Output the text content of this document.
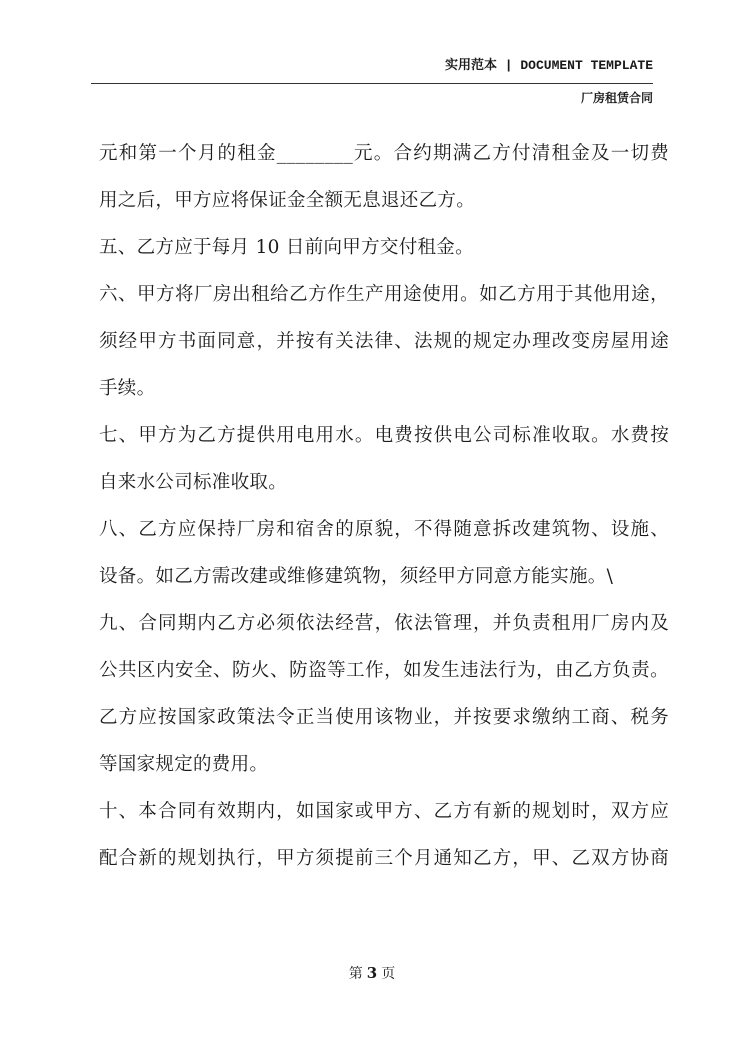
实用范本 | DOCUMENT TEMPLATE
厂房租赁合同
元和第一个月的租金________元。合约期满乙方付清租金及一切费
用之后，甲方应将保证金全额无息退还乙方。
五、乙方应于每月 10 日前向甲方交付租金。
六、甲方将厂房出租给乙方作生产用途使用。如乙方用于其他用途，
须经甲方书面同意，并按有关法律、法规的规定办理改变房屋用途
手续。
七、甲方为乙方提供用电用水。电费按供电公司标准收取。水费按
自来水公司标准收取。
八、乙方应保持厂房和宿舍的原貌，不得随意拆改建筑物、设施、
设备。如乙方需改建或维修建筑物，须经甲方同意方能实施。\
九、合同期内乙方必须依法经营，依法管理，并负责租用厂房内及
公共区内安全、防火、防盗等工作，如发生违法行为，由乙方负责。
乙方应按国家政策法令正当使用该物业，并按要求缴纳工商、税务
等国家规定的费用。
十、本合同有效期内，如国家或甲方、乙方有新的规划时，双方应
配合新的规划执行，甲方须提前三个月通知乙方，甲、乙双方协商
第 3 页
